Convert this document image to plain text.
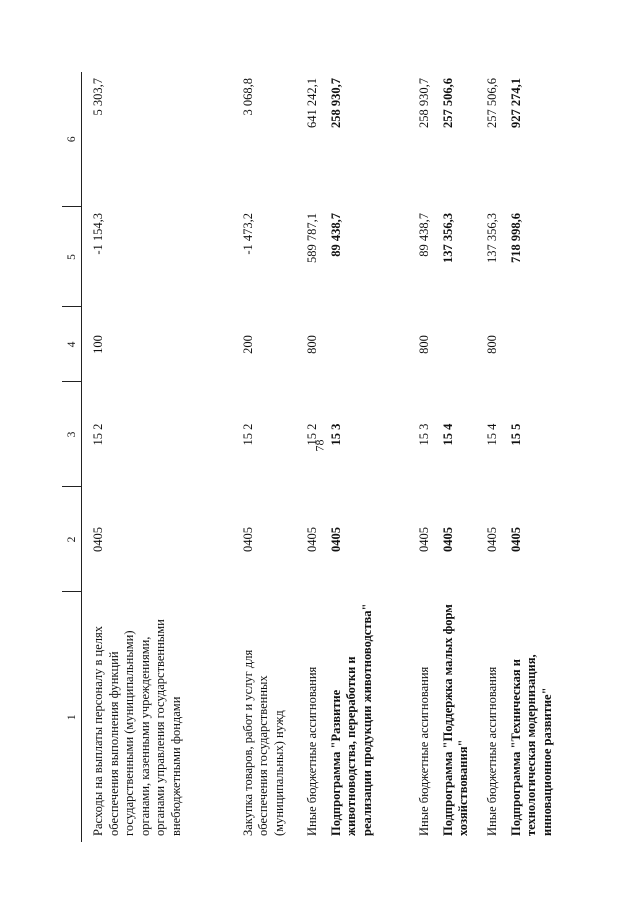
78
1	2	3	4	5	6
Расходы на выплаты персоналу в целях обеспечения выполнения функций государственными (муниципальными) органами, казенными учреждениями, органами управления государственными внебюджетными фондами	0405	15 2	100	-1 154,3	5 303,7
Закупка товаров, работ и услуг для обеспечения государственных (муниципальных) нужд	0405	15 2	200	-1 473,2	3 068,8
Иные бюджетные ассигнования	0405	15 2	800	589 787,1	641 242,1
Подпрограмма "Развитие животноводства, переработки и реализации продукции животноводства"	0405	15 3		89 438,7	258 930,7
Иные бюджетные ассигнования	0405	15 3	800	89 438,7	258 930,7
Подпрограмма "Поддержка малых форм хозяйствования"	0405	15 4		137 356,3	257 506,6
Иные бюджетные ассигнования	0405	15 4	800	137 356,3	257 506,6
Подпрограмма "Техническая и технологическая модернизация, инновационное развитие"	0405	15 5		718 998,6	927 274,1
